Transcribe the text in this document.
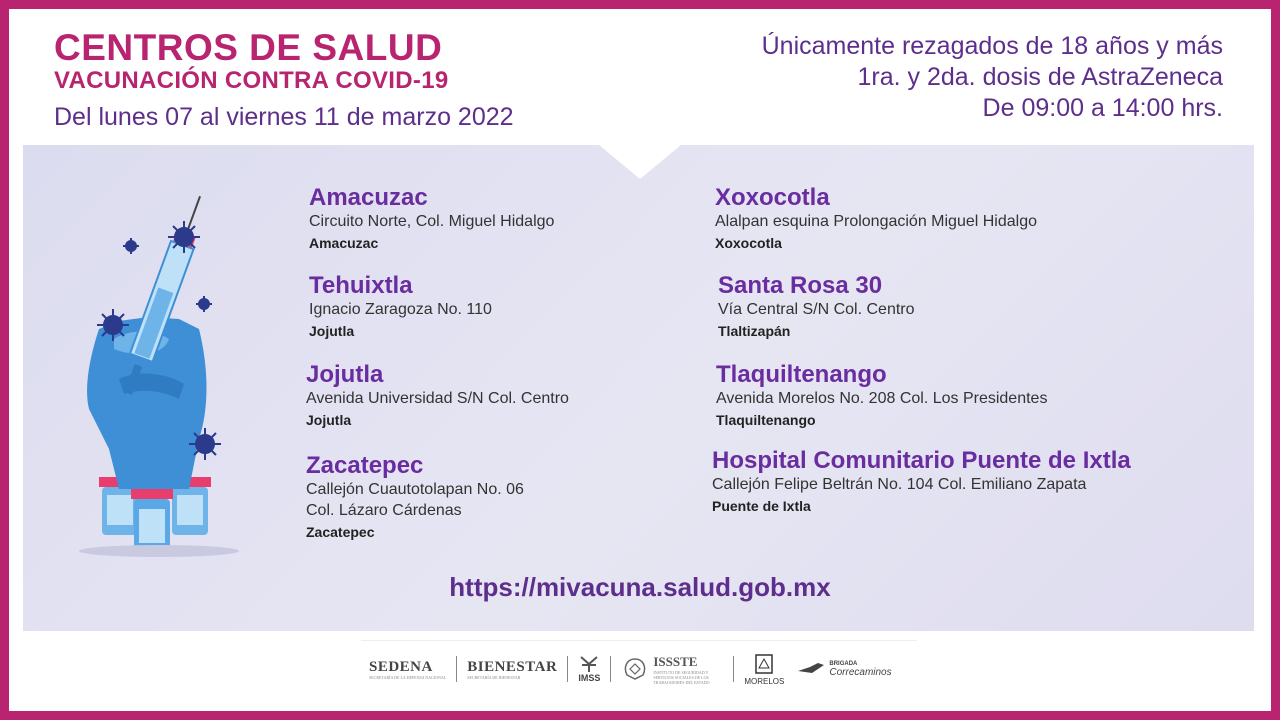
CENTROS DE SALUD
VACUNACIÓN CONTRA COVID-19
Del lunes 07 al viernes 11 de marzo 2022
Únicamente rezagados de 18 años y más
1ra. y 2da. dosis de AstraZeneca
De 09:00 a 14:00 hrs.
Amacuzac
Circuito Norte, Col. Miguel Hidalgo
Amacuzac
Tehuixtla
Ignacio Zaragoza No. 110
Jojutla
Jojutla
Avenida Universidad S/N Col. Centro
Jojutla
Zacatepec
Callejón Cuautotolapan No. 06
Col. Lázaro Cárdenas
Zacatepec
Xoxocotla
Alalpan esquina Prolongación Miguel Hidalgo
Xoxocotla
Santa Rosa 30
Vía Central S/N Col. Centro
Tlaltizapán
Tlaquiltenango
Avenida Morelos No. 208 Col. Los Presidentes
Tlaquiltenango
Hospital Comunitario Puente de Ixtla
Callejón Felipe Beltrán No. 104 Col. Emiliano Zapata
Puente de Ixtla
https://mivacuna.salud.gob.mx
SEDENA
SECRETARÍA DE LA DEFENSA NACIONAL
BIENESTAR
SECRETARÍA DE BIENESTAR	IMSS
ISSSTE
INSTITUTO DE SEGURIDAD Y SERVICIOS SOCIALES DE LOS TRABAJADORES DEL ESTADO	MORELOS
BRIGADA
Correcaminos
